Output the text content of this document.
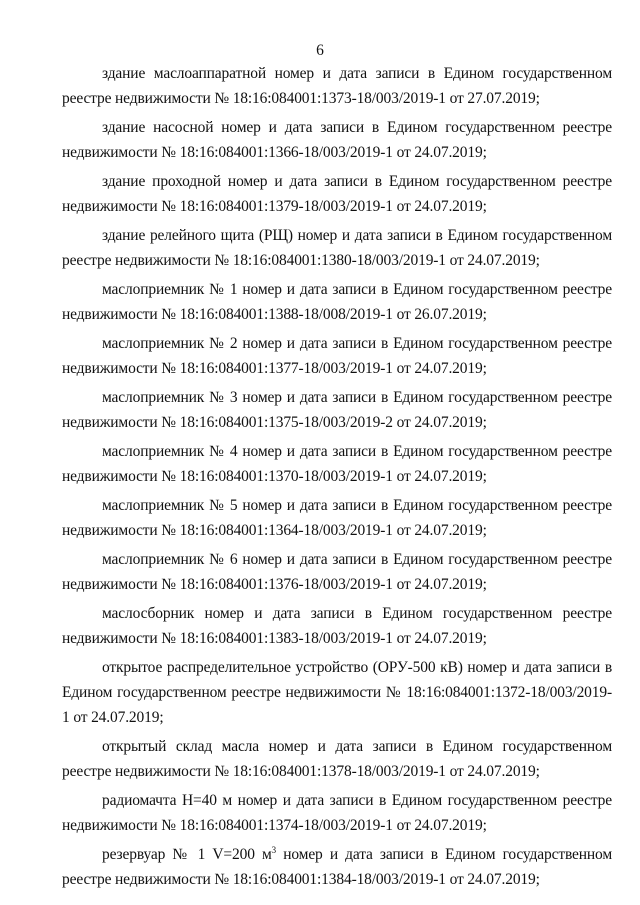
6

здание маслоаппаратной номер и дата записи в Едином государственном реестре недвижимости № 18:16:084001:1373-18/003/2019-1 от 27.07.2019;

здание насосной номер и дата записи в Едином государственном реестре недвижимости № 18:16:084001:1366-18/003/2019-1 от 24.07.2019;

здание проходной номер и дата записи в Едином государственном реестре недвижимости № 18:16:084001:1379-18/003/2019-1 от 24.07.2019;

здание релейного щита (РЩ) номер и дата записи в Едином государственном реестре недвижимости № 18:16:084001:1380-18/003/2019-1 от 24.07.2019;

маслоприемник № 1 номер и дата записи в Едином государственном реестре недвижимости № 18:16:084001:1388-18/008/2019-1 от 26.07.2019;

маслоприемник № 2 номер и дата записи в Едином государственном реестре недвижимости № 18:16:084001:1377-18/003/2019-1 от 24.07.2019;

маслоприемник № 3 номер и дата записи в Едином государственном реестре недвижимости № 18:16:084001:1375-18/003/2019-2 от 24.07.2019;

маслоприемник № 4 номер и дата записи в Едином государственном реестре недвижимости № 18:16:084001:1370-18/003/2019-1 от 24.07.2019;

маслоприемник № 5 номер и дата записи в Едином государственном реестре недвижимости № 18:16:084001:1364-18/003/2019-1 от 24.07.2019;

маслоприемник № 6 номер и дата записи в Едином государственном реестре недвижимости № 18:16:084001:1376-18/003/2019-1 от 24.07.2019;

маслосборник номер и дата записи в Едином государственном реестре недвижимости № 18:16:084001:1383-18/003/2019-1 от 24.07.2019;

открытое распределительное устройство (ОРУ-500 кВ) номер и дата записи в Едином государственном реестре недвижимости № 18:16:084001:1372-18/003/2019-1 от 24.07.2019;

открытый склад масла номер и дата записи в Едином государственном реестре недвижимости № 18:16:084001:1378-18/003/2019-1 от 24.07.2019;

радиомачта Н=40 м номер и дата записи в Едином государственном реестре недвижимости № 18:16:084001:1374-18/003/2019-1 от 24.07.2019;

резервуар № 1 V=200 $м^3$ номер и дата записи в Едином государственном реестре недвижимости № 18:16:084001:1384-18/003/2019-1 от 24.07.2019;
